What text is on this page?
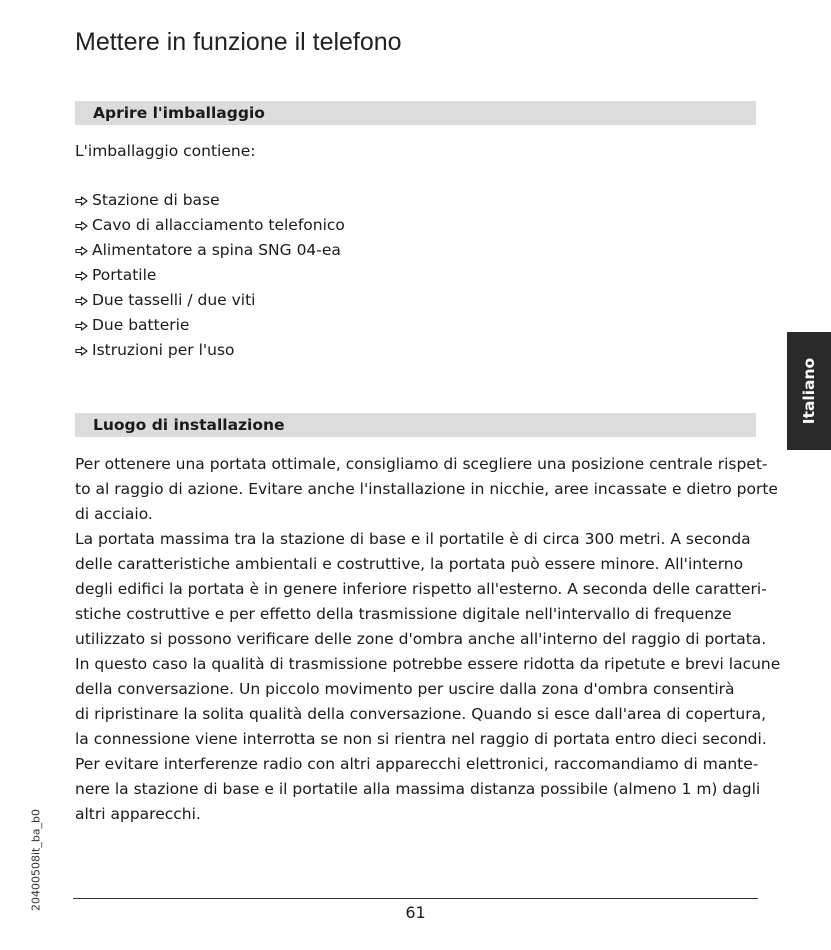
Mettere in funzione il telefono
Aprire l'imballaggio
L'imballaggio contiene:
Stazione di base
Cavo di allacciamento telefonico
Alimentatore a spina SNG 04-ea
Portatile
Due tasselli / due viti
Due batterie
Istruzioni per l'uso
Luogo di installazione
Per ottenere una portata ottimale, consigliamo di scegliere una posizione centrale rispet-
to al raggio di azione. Evitare anche l'installazione in nicchie, aree incassate e dietro porte
di acciaio.
La portata massima tra la stazione di base e il portatile è di circa 300 metri. A seconda
delle caratteristiche ambientali e costruttive, la portata può essere minore. All'interno
degli edifici la portata è in genere inferiore rispetto all'esterno. A seconda delle caratteri-
stiche costruttive e per effetto della trasmissione digitale nell'intervallo di frequenze
utilizzato si possono verificare delle zone d'ombra anche all'interno del raggio di portata.
In questo caso la qualità di trasmissione potrebbe essere ridotta da ripetute e brevi lacune
della conversazione. Un piccolo movimento per uscire dalla zona d'ombra consentirà
di ripristinare la solita qualità della conversazione. Quando si esce dall'area di copertura,
la connessione viene interrotta se non si rientra nel raggio di portata entro dieci secondi.
Per evitare interferenze radio con altri apparecchi elettronici, raccomandiamo di mante-
nere la stazione di base e il portatile alla massima distanza possibile (almeno 1 m) dagli
altri apparecchi.
Italiano
20400508it_ba_b0
61
